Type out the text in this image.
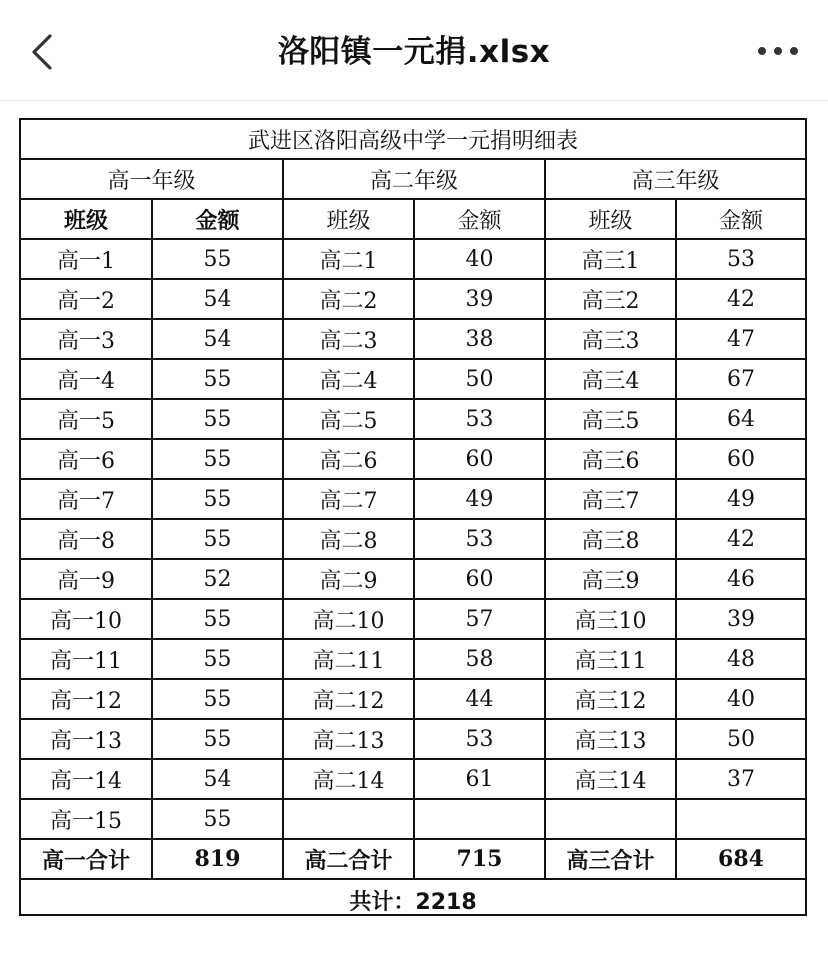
洛阳镇一元捐.xlsx
武进区洛阳高级中学一元捐明细表					
高一年级		高二年级		高三年级	
班级	金额	班级	金额	班级	金额
高一1	55	高二1	40	高三1	53
高一2	54	高二2	39	高三2	42
高一3	54	高二3	38	高三3	47
高一4	55	高二4	50	高三4	67
高一5	55	高二5	53	高三5	64
高一6	55	高二6	60	高三6	60
高一7	55	高二7	49	高三7	49
高一8	55	高二8	53	高三8	42
高一9	52	高二9	60	高三9	46
高一10	55	高二10	57	高三10	39
高一11	55	高二11	58	高三11	48
高一12	55	高二12	44	高三12	40
高一13	55	高二13	53	高三13	50
高一14	54	高二14	61	高三14	37
高一15	55				
高一合计	819	高二合计	715	高三合计	684
共计：2218					
